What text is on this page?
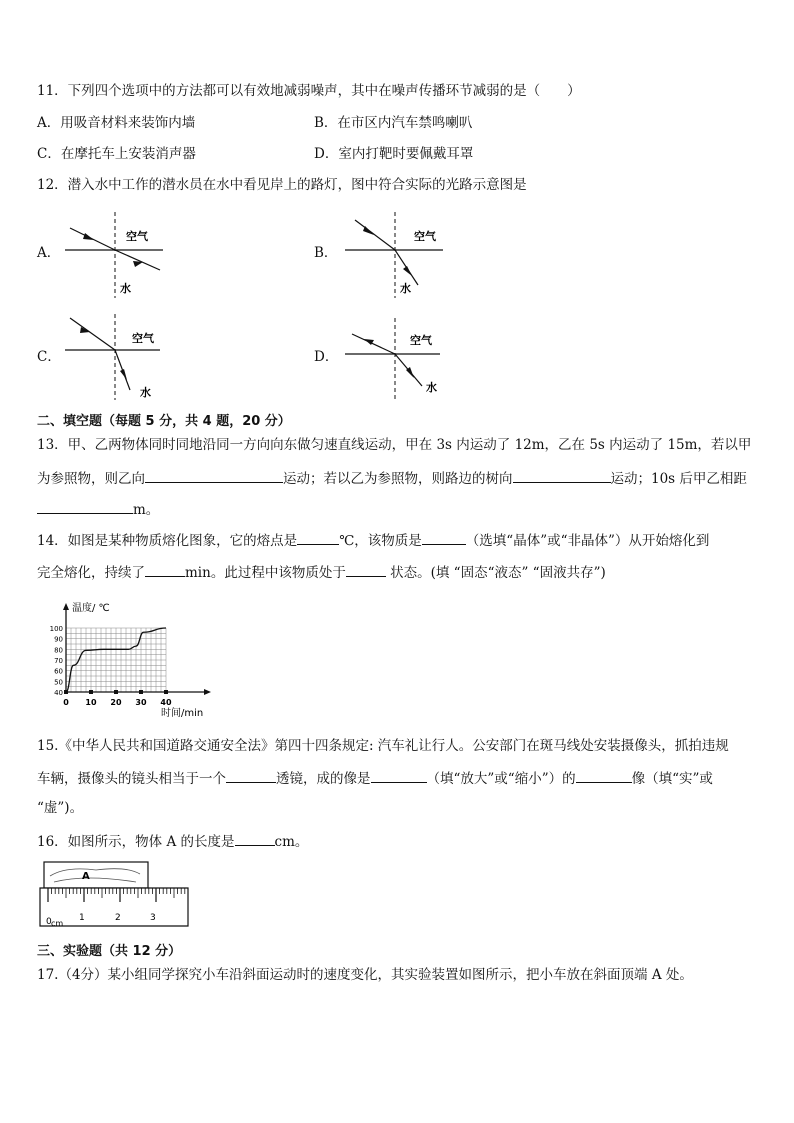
11．下列四个选项中的方法都可以有效地减弱噪声，其中在噪声传播环节减弱的是（　　）
A．用吸音材料来装饰内墙	B．在市区内汽车禁鸣喇叭
C．在摩托车上安装消声器	D．室内打靶时要佩戴耳罩
12．潜入水中工作的潜水员在水中看见岸上的路灯，图中符合实际的光路示意图是
A．
空气
水
B．
空气
水
C．
空气
水
D．
空气
水
二、填空题（每题 5 分，共 4 题，20 分）
13．甲、乙两物体同时同地沿同一方向向东做匀速直线运动，甲在 3s 内运动了 12m，乙在 5s 内运动了 15m，若以甲
为参照物，则乙向	运动；若以乙为参照物，则路边的树向	运动；10s 后甲乙相距
m。
14．如图是某种物质熔化图象，它的熔点是	℃，该物质是	（选填“晶体”或“非晶体”）从开始熔化到
完全熔化，持续了	min。此过程中该物质处于	状态。(填 “固态“液态” “固液共存”)
温度/ ℃
时间/min
40
50
60
70
80
90
100
0 10 20 30 40
15.《中华人民共和国道路交通安全法》第四十四条规定: 汽车礼让行人。公安部门在斑马线处安装摄像头，抓拍违规
车辆，摄像头的镜头相当于一个	透镜，成的像是	（填“放大”或“缩小”）的	像（填“实”或
“虚”)。
16．如图所示，物体 A 的长度是	cm。
A
0	1	2	3
cm
三、实验题（共 12 分）
17.（4分）某小组同学探究小车沿斜面运动时的速度变化，其实验装置如图所示，把小车放在斜面顶端 A 处。
